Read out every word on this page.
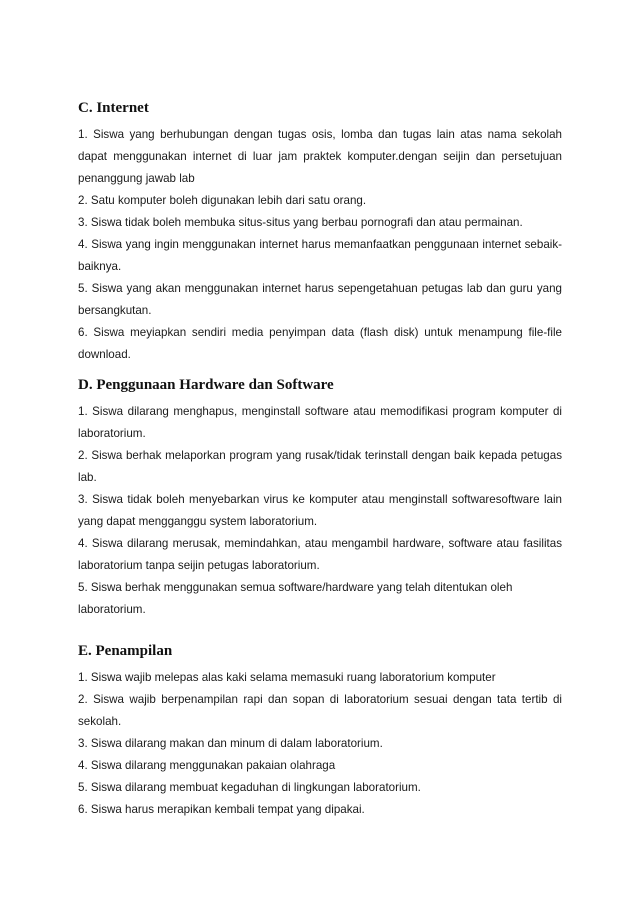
C. Internet

1. Siswa yang berhubungan dengan tugas osis, lomba dan tugas lain atas nama sekolah dapat menggunakan internet di luar jam praktek komputer.dengan seijin dan persetujuan penanggung jawab lab

2. Satu komputer boleh digunakan lebih dari satu orang.

3. Siswa tidak boleh membuka situs-situs yang berbau pornografi dan atau permainan.

4. Siswa yang ingin menggunakan internet harus memanfaatkan penggunaan internet sebaik-baiknya.

5. Siswa yang akan menggunakan internet harus sepengetahuan petugas lab dan guru yang bersangkutan.

6. Siswa meyiapkan sendiri media penyimpan data (flash disk) untuk menampung file-file download.

D. Penggunaan Hardware dan Software

1. Siswa dilarang menghapus, menginstall software atau memodifikasi program komputer di laboratorium.

2. Siswa berhak melaporkan program yang rusak/tidak terinstall dengan baik kepada petugas lab.

3. Siswa tidak boleh menyebarkan virus ke komputer atau menginstall softwaresoftware lain yang dapat mengganggu system laboratorium.

4. Siswa dilarang merusak, memindahkan, atau mengambil hardware, software atau fasilitas laboratorium tanpa seijin petugas laboratorium.

5. Siswa berhak menggunakan semua software/hardware yang telah ditentukan oleh laboratorium.

E. Penampilan

1. Siswa wajib melepas alas kaki selama memasuki ruang laboratorium komputer

2. Siswa wajib berpenampilan rapi dan sopan di laboratorium sesuai dengan tata tertib di sekolah.

3. Siswa dilarang makan dan minum di dalam laboratorium.

4. Siswa dilarang menggunakan pakaian olahraga

5. Siswa dilarang membuat kegaduhan di lingkungan laboratorium.

6. Siswa harus merapikan kembali tempat yang dipakai.
